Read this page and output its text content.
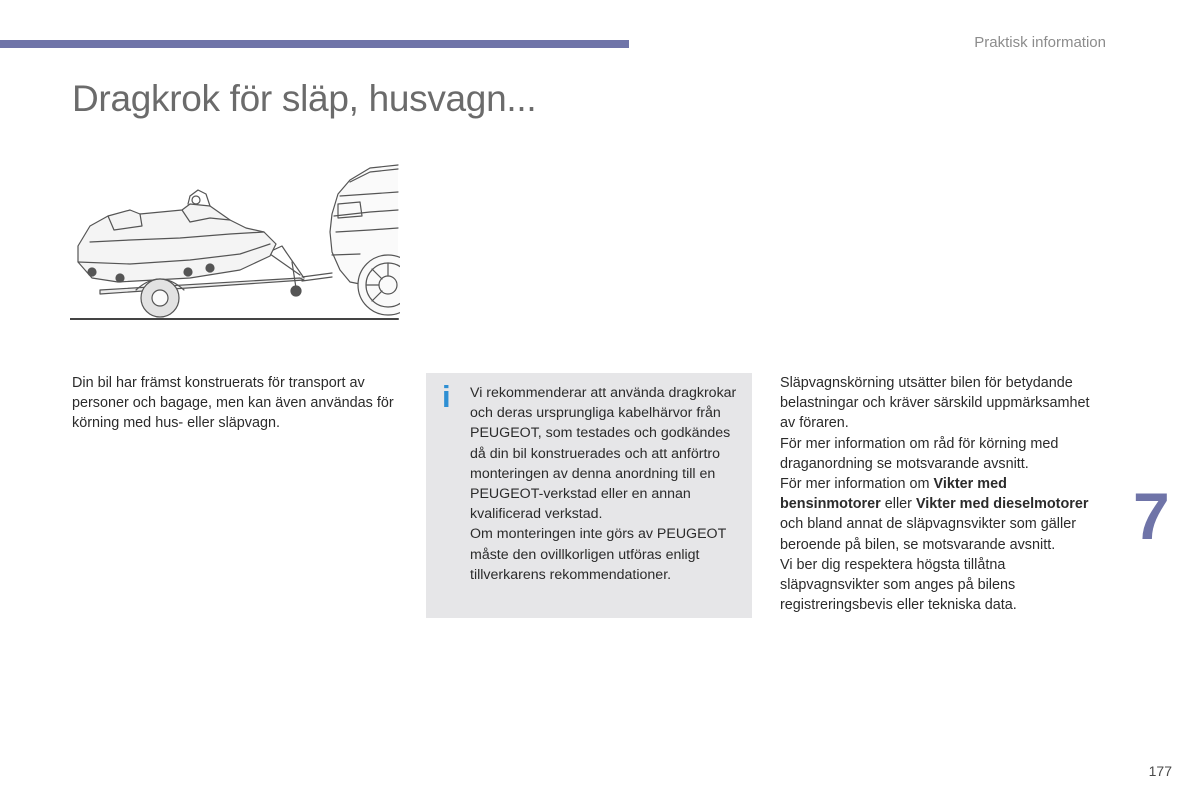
Praktisk information
Dragkrok för släp, husvagn...

Din bil har främst konstruerats för transport av personer och bagage, men kan även användas för körning med hus- eller släpvagn.

i Vi rekommenderar att använda dragkrokar och deras ursprungliga kabelhärvor från PEUGEOT, som testades och godkändes då din bil konstruerades och att anförtro monteringen av denna anordning till en PEUGEOT-verkstad eller en annan kvalificerad verkstad.

Om monteringen inte görs av PEUGEOT måste den ovillkorligen utföras enligt tillverkarens rekommendationer.

Släpvagnskörning utsätter bilen för betydande belastningar och kräver särskild uppmärksamhet av föraren.

För mer information om råd för körning med draganordning se motsvarande avsnitt.

För mer information om Vikter med bensinmotorer eller Vikter med dieselmotorer och bland annat de släpvagnsvikter som gäller beroende på bilen, se motsvarande avsnitt.

Vi ber dig respektera högsta tillåtna släpvagnsvikter som anges på bilens registreringsbevis eller tekniska data.

7
177
